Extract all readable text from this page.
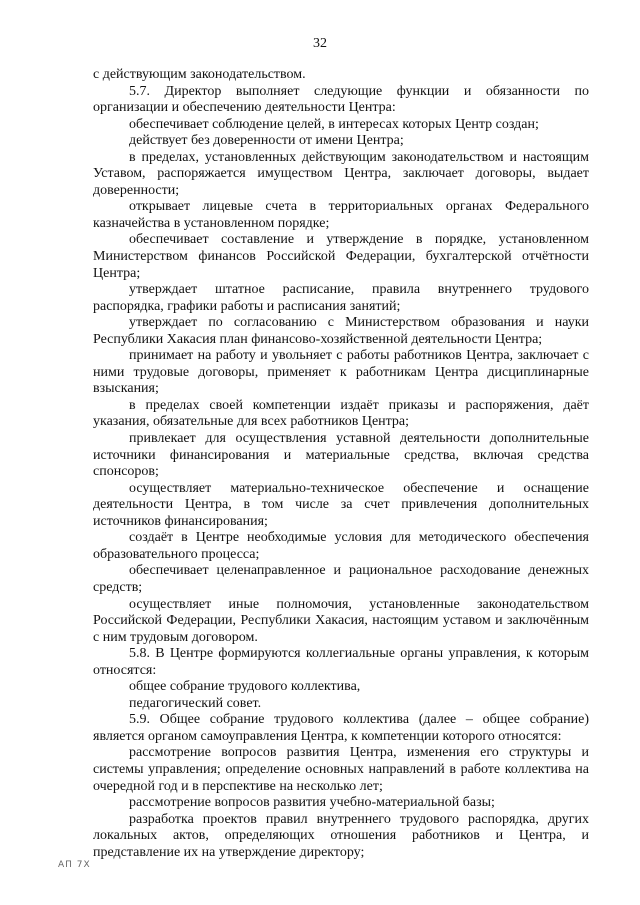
32

с действующим законодательством.

5.7. Директор выполняет следующие функции и обязанности по организации и обеспечению деятельности Центра:

обеспечивает соблюдение целей, в интересах которых Центр создан;

действует без доверенности от имени Центра;

в пределах, установленных действующим законодательством и настоящим Уставом, распоряжается имуществом Центра, заключает договоры, выдает доверенности;

открывает лицевые счета в территориальных органах Федерального казначейства в установленном порядке;

обеспечивает составление и утверждение в порядке, установленном Министерством финансов Российской Федерации, бухгалтерской отчётности Центра;

утверждает штатное расписание, правила внутреннего трудового распорядка, графики работы и расписания занятий;

утверждает по согласованию с Министерством образования и науки Республики Хакасия план финансово-хозяйственной деятельности Центра;

принимает на работу и увольняет с работы работников Центра, заключает с ними трудовые договоры, применяет к работникам Центра дисциплинарные взыскания;

в пределах своей компетенции издаёт приказы и распоряжения, даёт указания, обязательные для всех работников Центра;

привлекает для осуществления уставной деятельности дополнительные источники финансирования и материальные средства, включая средства спонсоров;

осуществляет материально-техническое обеспечение и оснащение деятельности Центра, в том числе за счет привлечения дополнительных источников финансирования;

создаёт в Центре необходимые условия для методического обеспечения образовательного процесса;

обеспечивает целенаправленное и рациональное расходование денежных средств;

осуществляет иные полномочия, установленные законодательством Российской Федерации, Республики Хакасия, настоящим уставом и заключённым с ним трудовым договором.

5.8. В Центре формируются коллегиальные органы управления, к которым относятся:

общее собрание трудового коллектива,

педагогический совет.

5.9. Общее собрание трудового коллектива (далее – общее собрание) является органом самоуправления Центра, к компетенции которого относятся:

рассмотрение вопросов развития Центра, изменения его структуры и системы управления; определение основных направлений в работе коллектива на очередной год и в перспективе на несколько лет;

рассмотрение вопросов развития учебно-материальной базы;

разработка проектов правил внутреннего трудового распорядка, других локальных актов, определяющих отношения работников и Центра, и представление их на утверждение директору;

АП 7Х
